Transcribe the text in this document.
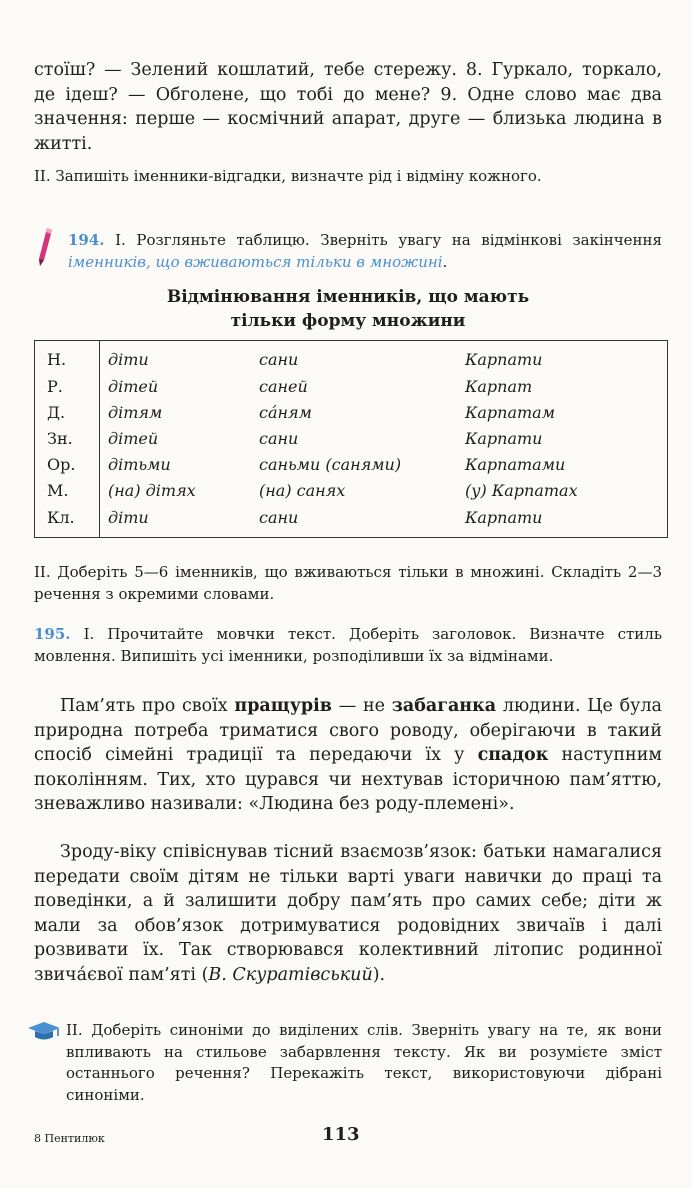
стоїш? — Зелений кошлатий, тебе стережу. 8. Гуркало, торкало, де ідеш? — Обголене, що тобі до мене? 9. Одне слово має два значення: перше — космічний апарат, друге — близька людина в житті.

II. Запишіть іменники-відгадки, визначте рід і відміну кожного.

194. I. Розгляньте таблицю. Зверніть увагу на відмінкові закінчення іменників, що вживаються тільки в множині.

Відмінювання іменників, що мають
тільки форму множини
Н.	діти	сани	Карпати
Р.	дітей	саней	Карпат
Д.	дітям	са́ням	Карпатам
Зн.	дітей	сани	Карпати
Ор.	дітьми	саньми (санями)	Карпатами
М.	(на) дітях	(на) санях	(у) Карпатах
Кл.	діти	сани	Карпати

II. Доберіть 5—6 іменників, що вживаються тільки в множині. Складіть 2—3 речення з окремими словами.

195. I. Прочитайте мовчки текст. Доберіть заголовок. Визначте стиль мовлення. Випишіть усі іменники, розподіливши їх за відмінами.

Пам’ять про своїх пращурів — не забаганка людини. Це була природна потреба триматися свого роводу, оберігаючи в такий спосіб сімейні традиції та передаючи їх у спадок наступним поколінням. Тих, хто цурався чи нехтував історичною пам’яттю, зневажливо називали: «Людина без роду-племені».

Зроду-віку співіснував тісний взаємозв’язок: батьки намагалися передати своїм дітям не тільки варті уваги навички до праці та поведінки, а й залишити добру пам’ять про самих себе; діти ж мали за обов’язок дотримуватися родовідних звичаїв і далі розвивати їх. Так створювався колективний літопис родинної звича́євої пам’яті (В. Скуратівський).

II. Доберіть синоніми до виділених слів. Зверніть увагу на те, як вони впливають на стильове забарвлення тексту. Як ви розумієте зміст останнього речення? Перекажіть текст, використовуючи дібрані синоніми.

8 Пентилюк	113
